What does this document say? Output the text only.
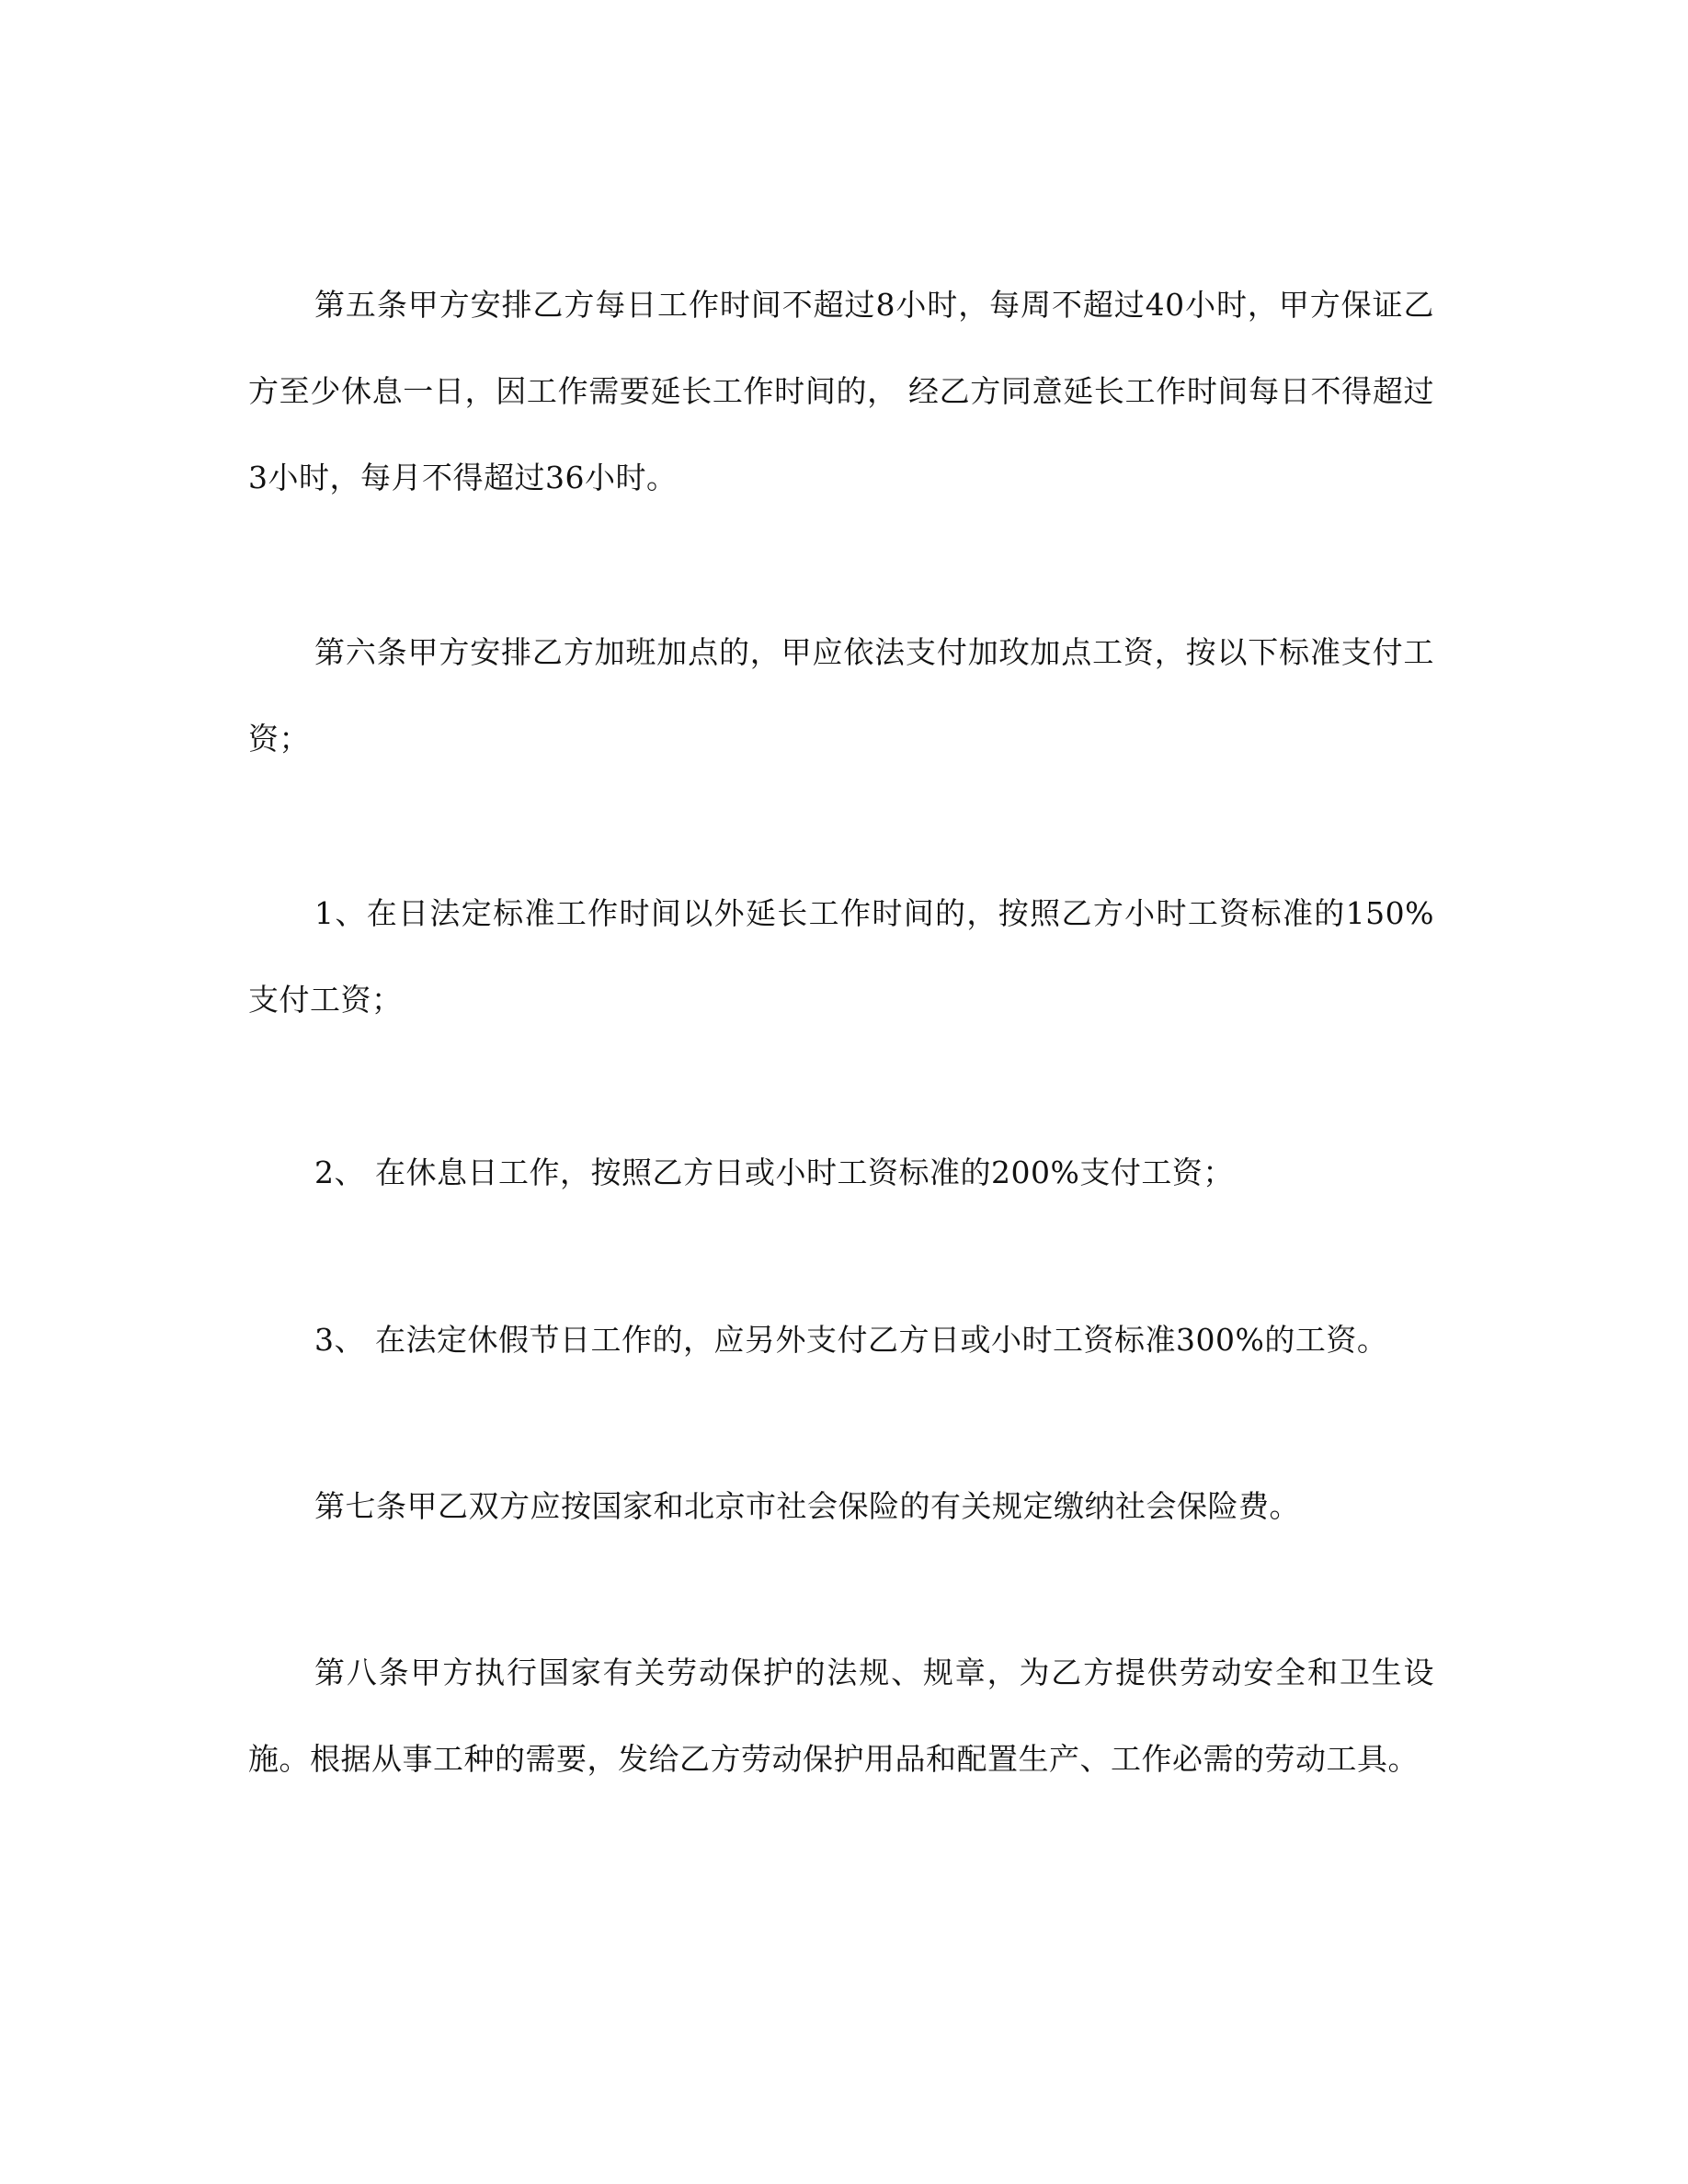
第五条甲方安排乙方每日工作时间不超过8小时，每周不超过40小时，甲方保证乙方至少休息一日，因工作需要延长工作时间的， 经乙方同意延长工作时间每日不得超过3小时，每月不得超过36小时。

第六条甲方安排乙方加班加点的，甲应依法支付加玫加点工资，按以下标准支付工资；

1、在日法定标准工作时间以外延长工作时间的，按照乙方小时工资标准的150%支付工资；

2、 在休息日工作，按照乙方日或小时工资标准的200%支付工资；

3、 在法定休假节日工作的，应另外支付乙方日或小时工资标准300%的工资。

第七条甲乙双方应按国家和北京市社会保险的有关规定缴纳社会保险费。

第八条甲方执行国家有关劳动保护的法规、规章，为乙方提供劳动安全和卫生设施。根据从事工种的需要，发给乙方劳动保护用品和配置生产、工作必需的劳动工具。
